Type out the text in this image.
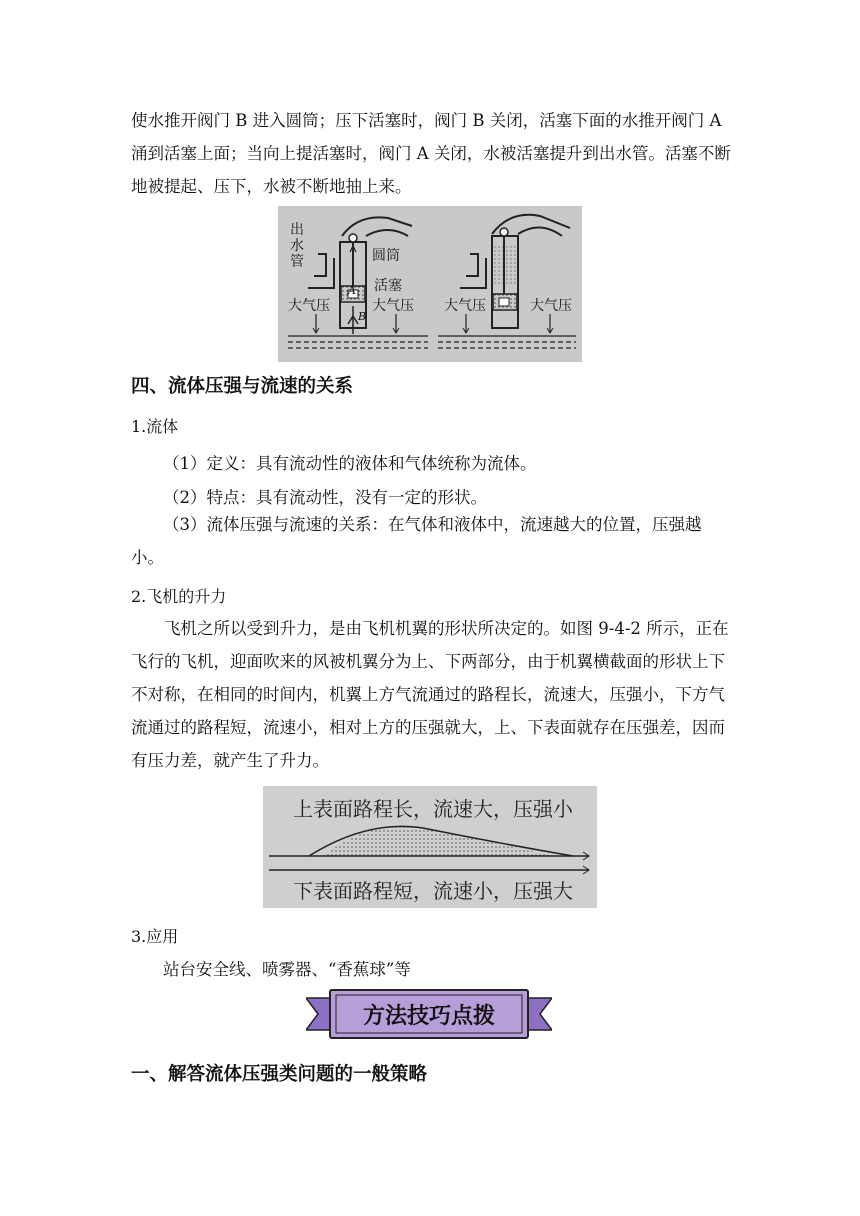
使水推开阀门 B 进入圆筒；压下活塞时，阀门 B 关闭，活塞下面的水推开阀门 A 涌到活塞上面；当向上提活塞时，阀门 A 关闭，水被活塞提升到出水管。活塞不断地被提起、压下，水被不断地抽上来。

出
水
管	圆筒
活塞
A
B
大气压	大气压 大气压	大气压
四、流体压强与流速的关系

1.流体

（1）定义：具有流动性的液体和气体统称为流体。

（2）特点：具有流动性，没有一定的形状。

（3）流体压强与流速的关系：在气体和液体中，流速越大的位置，压强越小。

2.飞机的升力

飞机之所以受到升力，是由飞机机翼的形状所决定的。如图 9-4-2 所示，正在飞行的飞机，迎面吹来的风被机翼分为上、下两部分，由于机翼横截面的形状上下不对称，在相同的时间内，机翼上方气流通过的路程长，流速大，压强小，下方气流通过的路程短，流速小，相对上方的压强就大，上、下表面就存在压强差，因而有压力差，就产生了升力。

上表面路程长，流速大，压强小
下表面路程短，流速小，压强大

3.应用

站台安全线、喷雾器、“香蕉球”等

方法技巧点拨
一、解答流体压强类问题的一般策略
